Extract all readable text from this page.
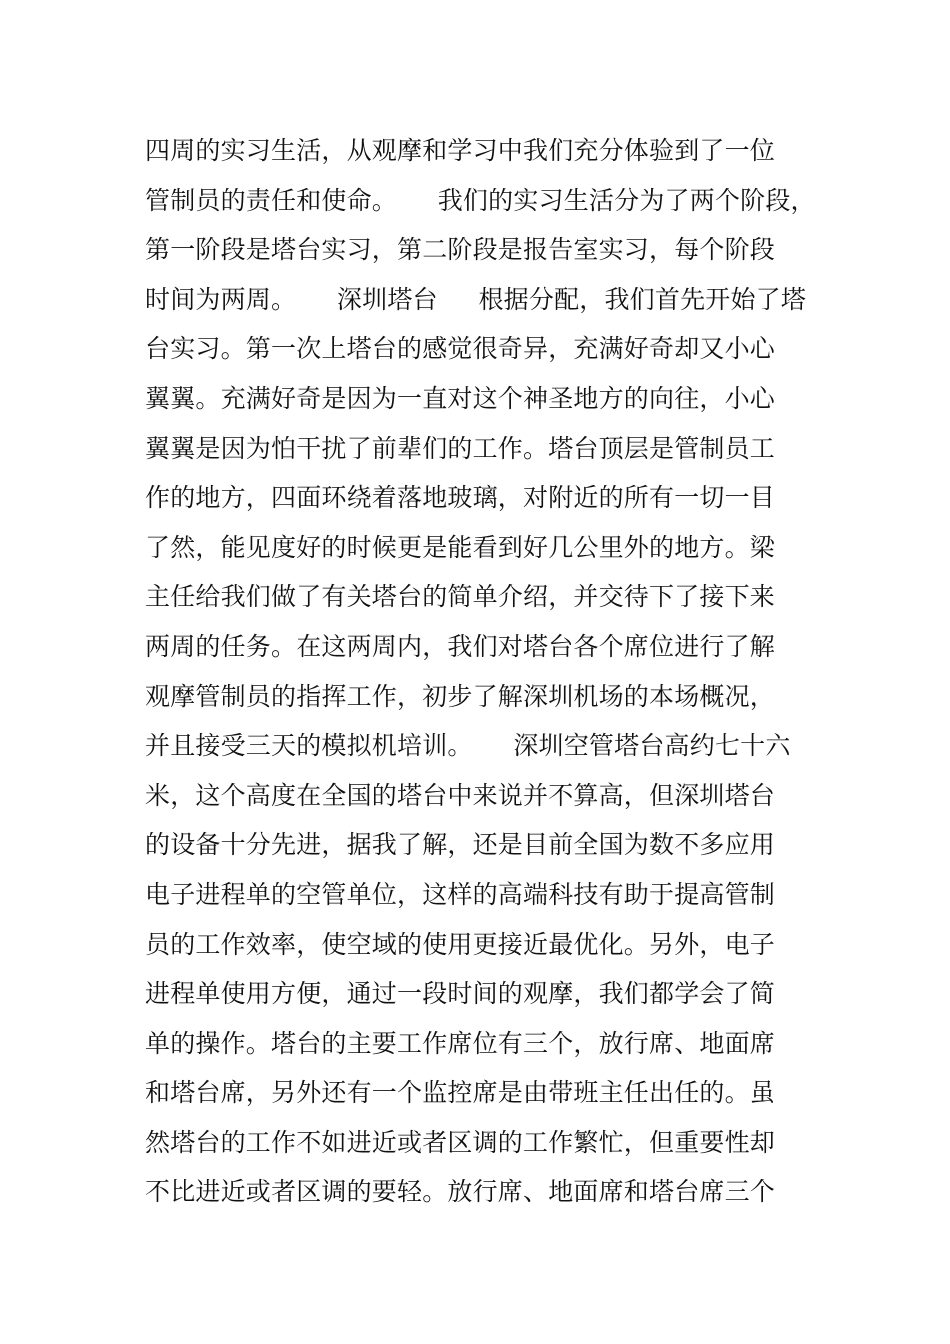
四周的实习生活，从观摩和学习中我们充分体验到了一位
管制员的责任和使命。     我们的实习生活分为了两个阶段，
第一阶段是塔台实习，第二阶段是报告室实习，每个阶段
时间为两周。     深圳塔台     根据分配，我们首先开始了塔
台实习。第一次上塔台的感觉很奇异，充满好奇却又小心
翼翼。充满好奇是因为一直对这个神圣地方的向往，小心
翼翼是因为怕干扰了前辈们的工作。塔台顶层是管制员工
作的地方，四面环绕着落地玻璃，对附近的所有一切一目
了然，能见度好的时候更是能看到好几公里外的地方。梁
主任给我们做了有关塔台的简单介绍，并交待下了接下来
两周的任务。在这两周内，我们对塔台各个席位进行了解
观摩管制员的指挥工作，初步了解深圳机场的本场概况，
并且接受三天的模拟机培训。     深圳空管塔台高约七十六
米，这个高度在全国的塔台中来说并不算高，但深圳塔台
的设备十分先进，据我了解，还是目前全国为数不多应用
电子进程单的空管单位，这样的高端科技有助于提高管制
员的工作效率，使空域的使用更接近最优化。另外，电子
进程单使用方便，通过一段时间的观摩，我们都学会了简
单的操作。塔台的主要工作席位有三个，放行席、地面席
和塔台席，另外还有一个监控席是由带班主任出任的。虽
然塔台的工作不如进近或者区调的工作繁忙，但重要性却
不比进近或者区调的要轻。放行席、地面席和塔台席三个
